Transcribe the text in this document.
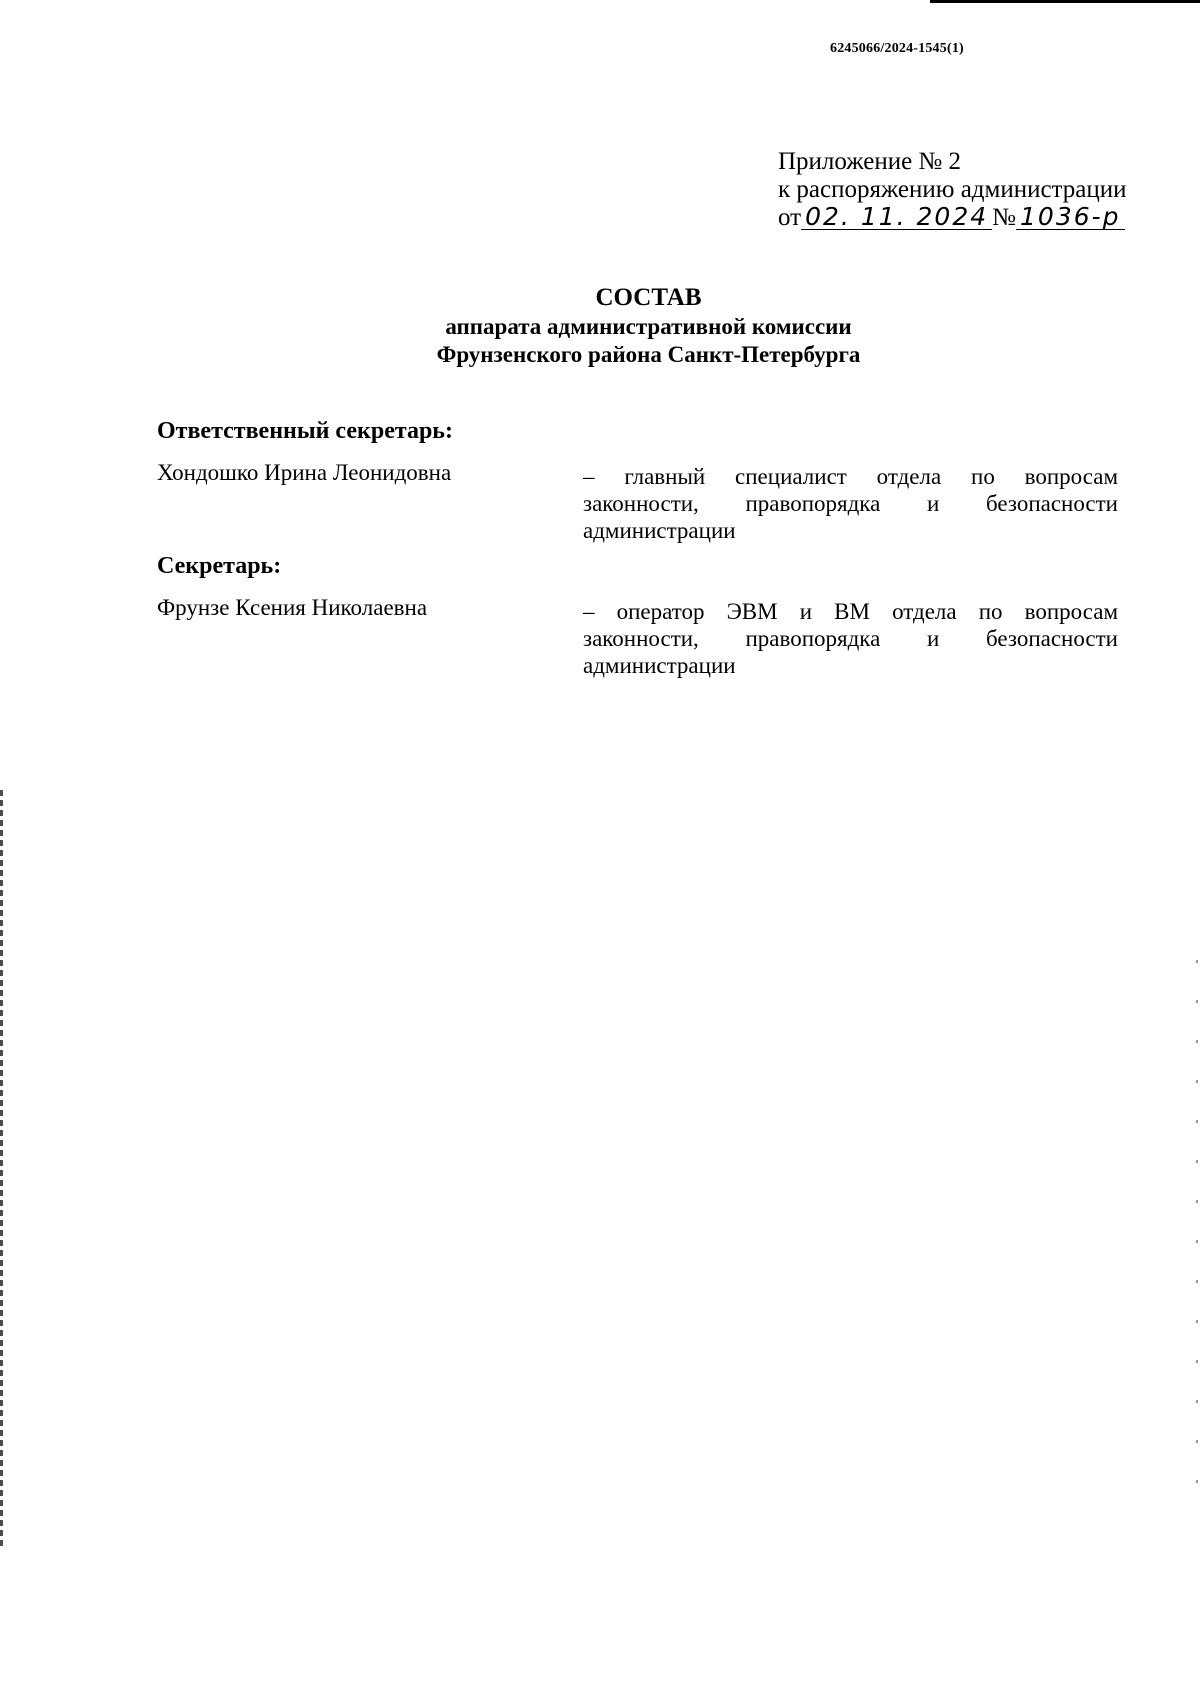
6245066/2024-1545(1)
Приложение № 2
к распоряжению администрации
от 02. 11. 2024 № 1036-р
СОСТАВ
аппарата административной комиссии
Фрунзенского района Санкт-Петербурга
Ответственный секретарь:
Хондошко Ирина Леонидовна	– главный специалист отдела по вопросам законности, правопорядка и безопасности администрации
Секретарь:
Фрунзе Ксения Николаевна	– оператор ЭВМ и ВМ отдела по вопросам законности, правопорядка и безопасности администрации
